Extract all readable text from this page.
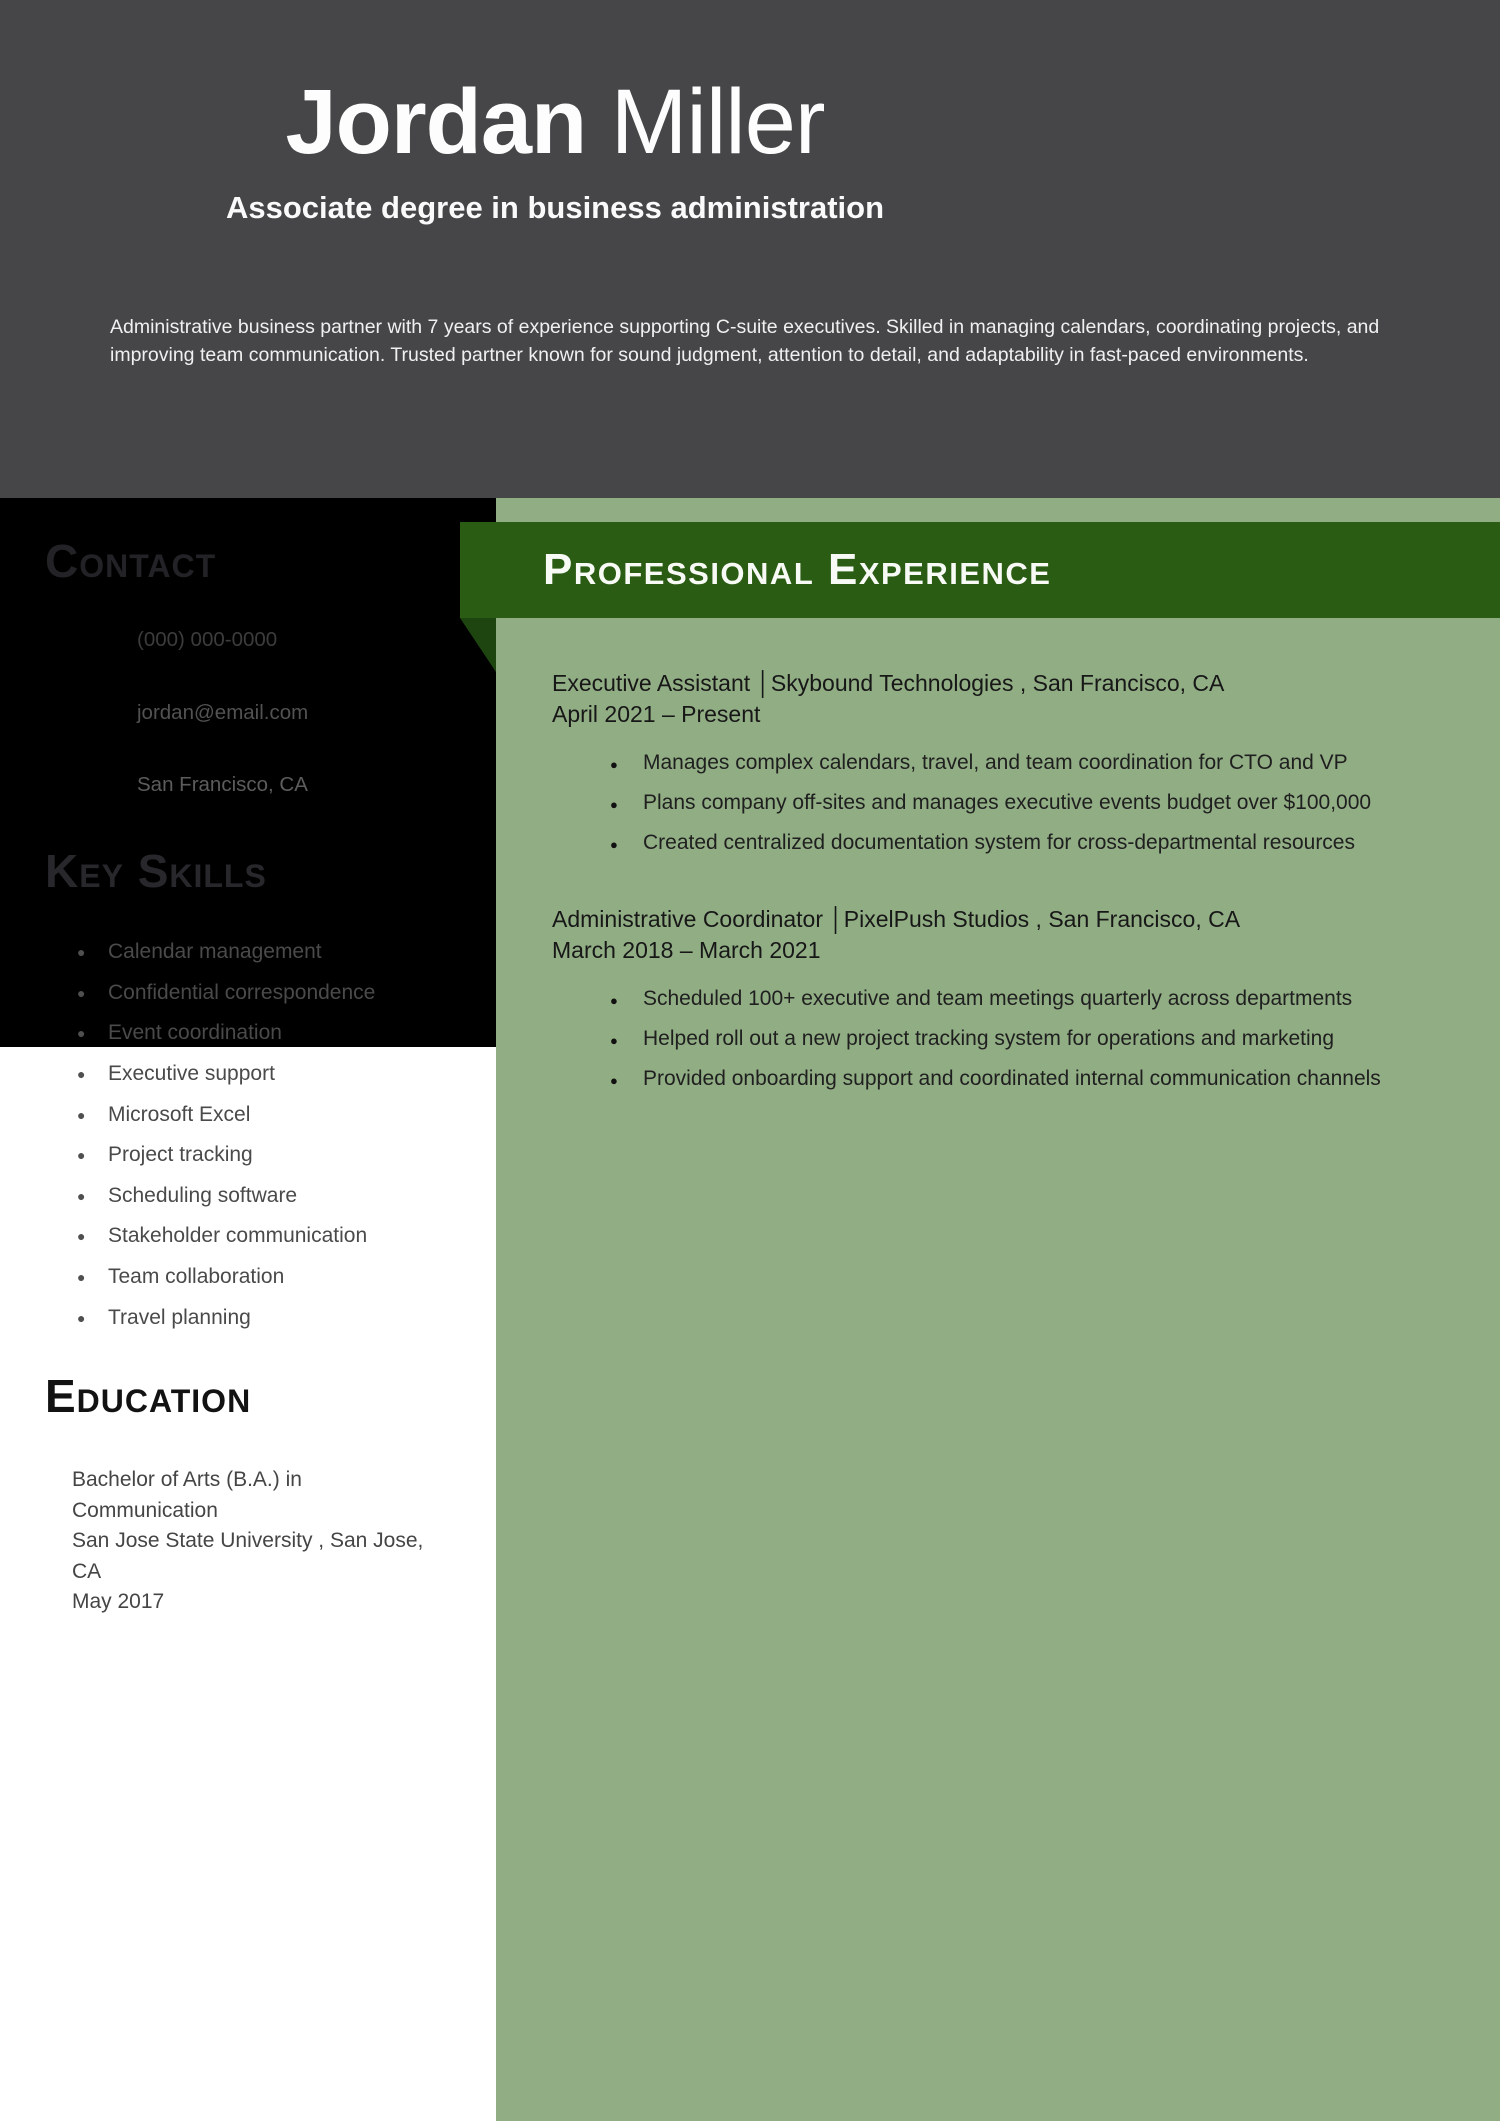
Jordan Miller
Associate degree in business administration
Administrative business partner with 7 years of experience supporting C-suite executives. Skilled in managing calendars, coordinating projects, and improving team communication. Trusted partner known for sound judgment, attention to detail, and adaptability in fast-paced environments.
Professional Experience
Contact
(000) 000-0000
jordan@email.com
San Francisco, CA
Key Skills
● Calendar management
● Confidential correspondence
● Event coordination
● Executive support
● Microsoft Excel
● Project tracking
● Scheduling software
● Stakeholder communication
● Team collaboration
● Travel planning
Education
Bachelor of Arts (B.A.) in Communication
San Jose State University , San Jose, CA
May 2017
Executive Assistant │Skybound Technologies , San Francisco, CA
April 2021 – Present
● Manages complex calendars, travel, and team coordination for CTO and VP
● Plans company off-sites and manages executive events budget over $100,000
● Created centralized documentation system for cross-departmental resources
Administrative Coordinator │PixelPush Studios , San Francisco, CA
March 2018 – March 2021
● Scheduled 100+ executive and team meetings quarterly across departments
● Helped roll out a new project tracking system for operations and marketing
● Provided onboarding support and coordinated internal communication channels
